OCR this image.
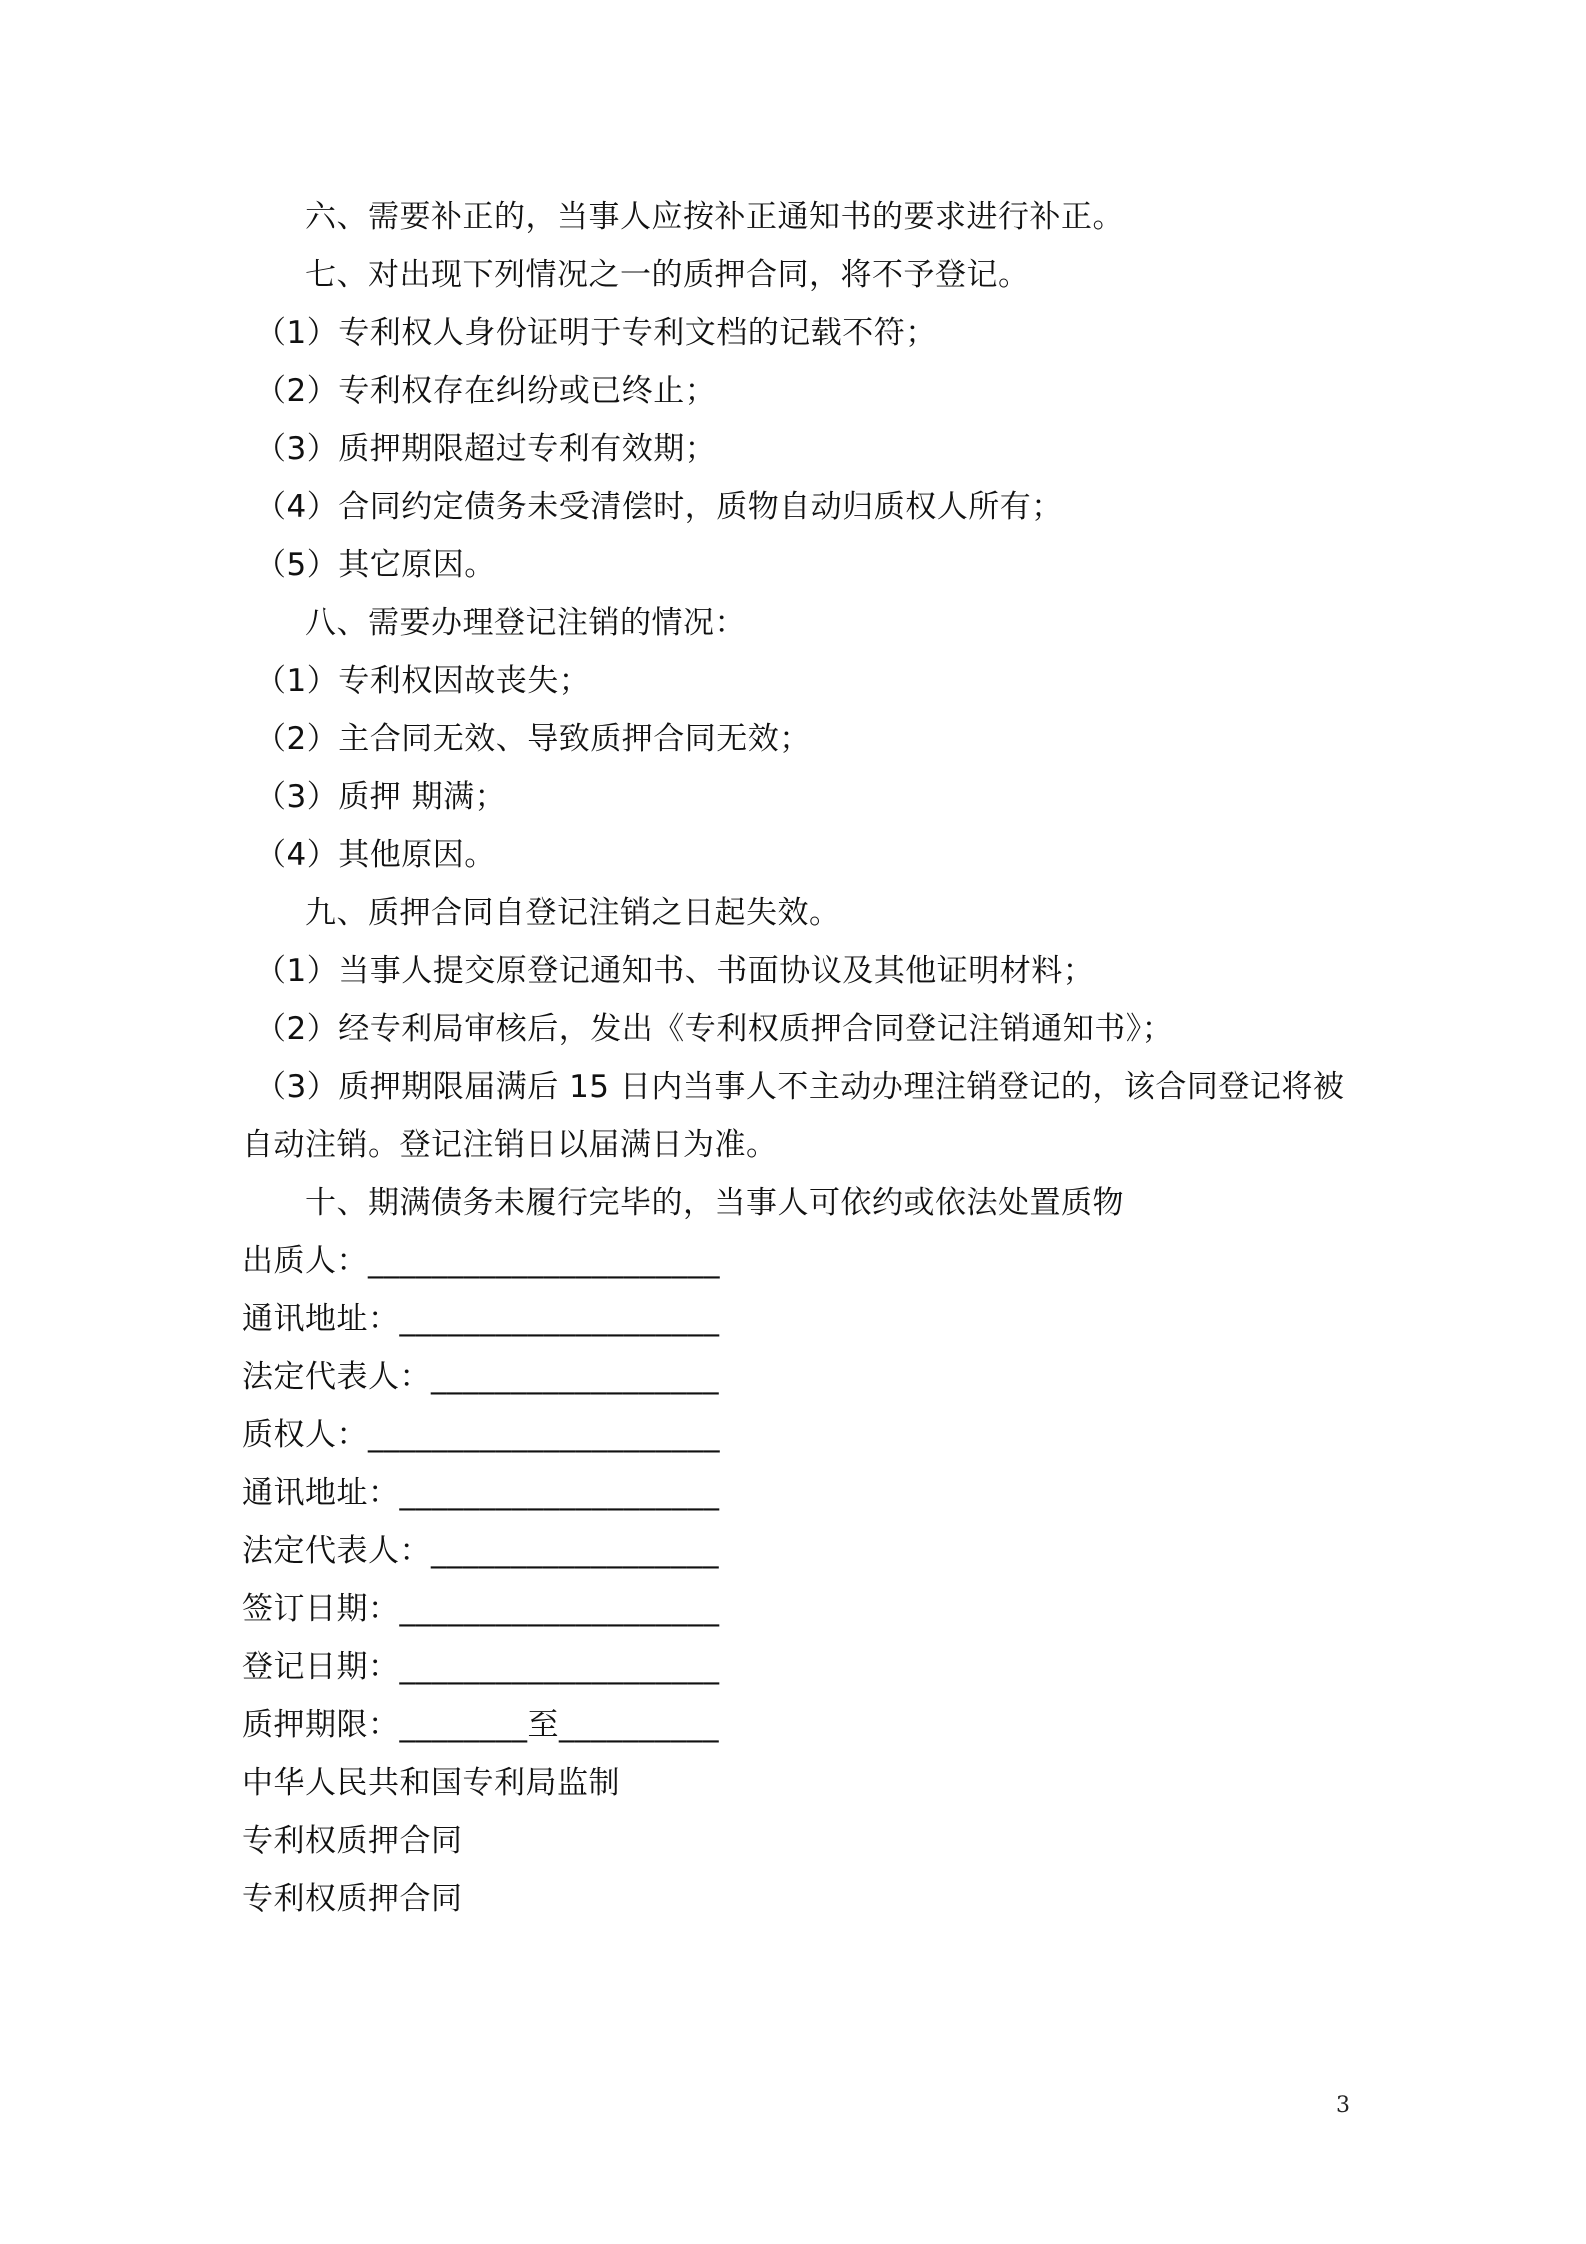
六、需要补正的，当事人应按补正通知书的要求进行补正。
七、对出现下列情况之一的质押合同，将不予登记。
（1）专利权人身份证明于专利文档的记载不符；
（2）专利权存在纠纷或已终止；
（3）质押期限超过专利有效期；
（4）合同约定债务未受清偿时，质物自动归质权人所有；
（5）其它原因。
八、需要办理登记注销的情况：
（1）专利权因故丧失；
（2）主合同无效、导致质押合同无效；
（3）质押 期满；
（4）其他原因。
九、质押合同自登记注销之日起失效。
（1）当事人提交原登记通知书、书面协议及其他证明材料；
（2）经专利局审核后，发出《专利权质押合同登记注销通知书》；
（3）质押期限届满后 15 日内当事人不主动办理注销登记的，该合同登记将被
自动注销。登记注销日以届满日为准。
十、期满债务未履行完毕的，当事人可依约或依法处置质物
出质人：______________________
通讯地址：____________________
法定代表人：__________________
质权人：______________________
通讯地址：____________________
法定代表人：__________________
签订日期：____________________
登记日期：____________________
质押期限：________至__________
中华人民共和国专利局监制
专利权质押合同
专利权质押合同
3
